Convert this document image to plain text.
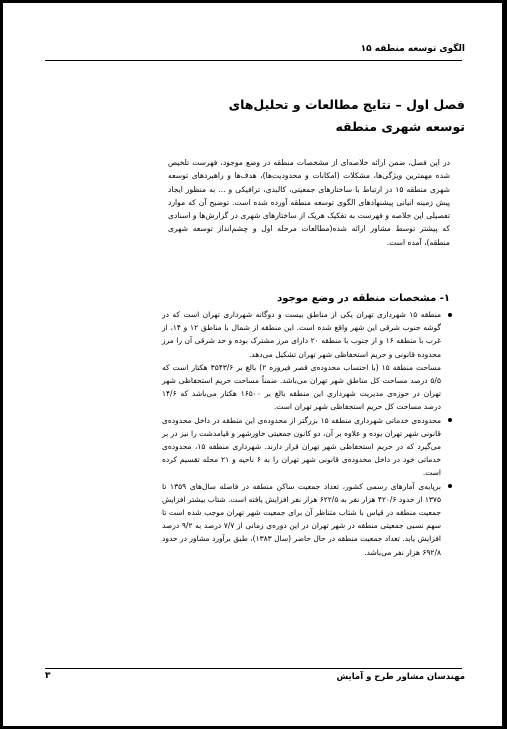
الگوی توسعه منطقه ۱۵
فصل اول – نتایج مطالعات و تحلیل‌های توسعه شهری منطقه

در این فصل، ضمن ارائه خلاصه‌ای از مشخصات منطقه در وضع موجود، فهرست تلخیص شده مهمترین ویژگی‌ها، مشکلات (امکانات و محدودیت‌ها)، هدف‌ها و راهبردهای توسعه شهری منطقه ۱۵ در ارتباط با ساختارهای جمعیتی، کالبدی، ترافیکی و ... به منظور ایجاد پیش زمینه اتیانی پیشنهادهای الگوی توسعه منطقه آورده شده است. توضیح آن که موارد تفصیلی این خلاصه و فهرست به تفکیک هریک از ساختارهای شهری در گزارش‌ها و اسنادی که پیشتر توسط مشاور ارائه شده(مطالعات مرحله اول و چشم‌انداز توسعه شهری منطقه)، آمده است.

۱- مشخصات منطقه در وضع موجود
منطقه ۱۵ شهرداری تهران یکی از مناطق بیست و دوگانه شهرداری تهران است که در گوشه جنوب شرقی این شهر واقع شده است. این منطقه از شمال با مناطق ۱۲ و ۱۴، از غرب با منطقه ۱۶ و از جنوب با منطقه ۲۰ دارای مرز مشترک بوده و حد شرقی آن را مرز محدوده قانونی و حریم استحفاظی شهر تهران تشکیل می‌دهد.
مساحت منطقه ۱۵ (با احتساب محدوده‌ی قصر فیروزه ۲) بالغ بر ۳۵۴۳/۶ هکتار است که ۵/۵ درصد مساحت کل مناطق شهر تهران می‌باشد. ضمناً مساحت حریم استحفاظی شهر تهران در حوزه‌ی مدیریت شهرداری این منطقه بالغ بر ۱۶۵۰۰ هکتار می‌باشد که ۱۴/۶ درصد مساحت کل حریم استحفاظی شهر تهران است.
محدوده‌ی خدماتی شهرداری منطقه ۱۵ بزرگتر از محدوده‌ی این منطقه در داخل محدوده‌ی قانونی شهر تهران بوده و علاوه بر آن، دو کانون جمعیتی خاورشهر و قیامدشت را نیز در بر می‌گیرد که در حریم استحفاظی شهر تهران قرار دارند. شهرداری منطقه ۱۵، محدوده‌ی خدماتی خود در داخل محدوده‌ی قانونی شهر تهران را به ۶ ناحیه و ۲۱ محله تقسیم کرده است.
برپایه‌ی آمارهای رسمی کشور، تعداد جمعیت ساکن منطقه در فاصله سال‌های ۱۳۵۹ تا ۱۳۷۵ از حدود ۴۲۰/۶ هزار نفر به ۶۲۲/۵ هزار نفر افزایش یافته است. شتاب بیشتر افزایش جمعیت منطقه در قیاس با شتاب متناظر آن برای جمعیت شهر تهران موجب شده است تا سهم نسبی جمعیتی منطقه در شهر تهران در این دوره‌ی زمانی از ۷/۷ درصد به ۹/۲ درصد افزایش یابد. تعداد جمعیت منطقه در حال حاضر (سال ۱۳۸۳)، طبق برآورد مشاور در حدود ۶۹۲/۸ هزار نفر می‌باشد.
مهندسان مشاور طرح و آمایش
۳
